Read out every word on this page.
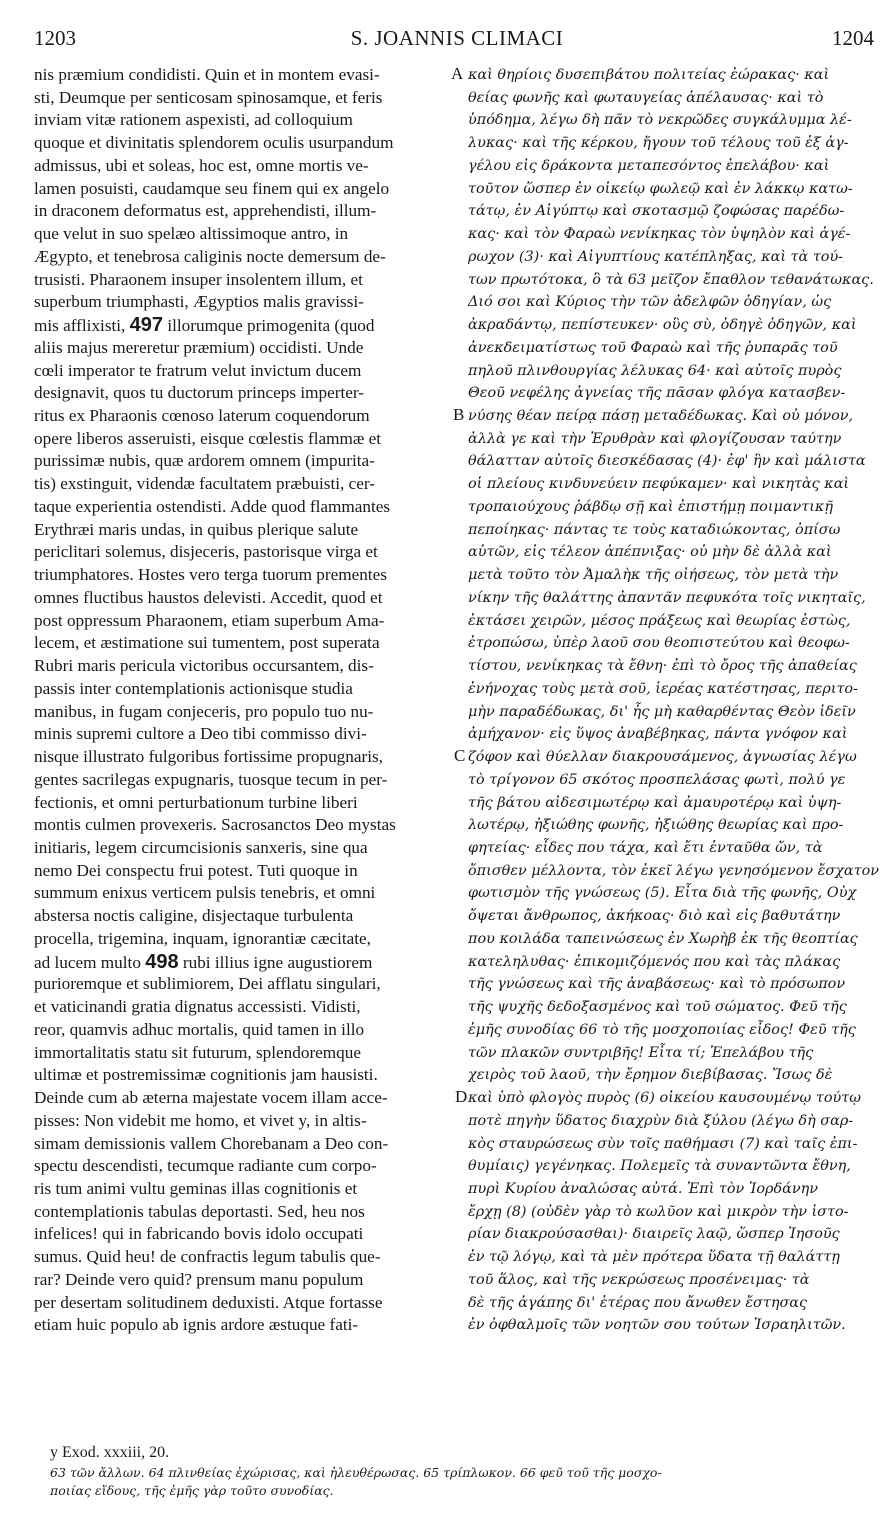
1203	S. JOANNIS CLIMACI	1204
nis præmium condidisti. Quin et in montem evasi-
sti, Deumque per senticosam spinosamque, et feris
inviam vitæ rationem aspexisti, ad colloquium
quoque et divinitatis splendorem oculis usurpandum
admissus, ubi et soleas, hoc est, omne mortis ve-
lamen posuisti, caudamque seu finem qui ex angelo
in draconem deformatus est, apprehendisti, illum-
que velut in suo spelæo altissimoque antro, in
Ægypto, et tenebrosa caliginis nocte demersum de-
trusisti. Pharaonem insuper insolentem illum, et
superbum triumphasti, Ægyptios malis gravissi-
mis afflixisti, 497 illorumque primogenita (quod
aliis majus mereretur præmium) occidisti. Unde
cœli imperator te fratrum velut invictum ducem
designavit, quos tu ductorum princeps imperter-
ritus ex Pharaonis cœnoso laterum coquendorum
opere liberos asseruisti, eisque cœlestis flammæ et
purissimæ nubis, quæ ardorem omnem (impurita-
tis) exstinguit, videndæ facultatem præbuisti, cer-
taque experientia ostendisti. Adde quod flammantes
Erythræi maris undas, in quibus plerique salute
periclitari solemus, disjeceris, pastorisque virga et
triumphatores. Hostes vero terga tuorum prementes
omnes fluctibus haustos delevisti. Accedit, quod et
post oppressum Pharaonem, etiam superbum Ama-
lecem, et æstimatione sui tumentem, post superata
Rubri maris pericula victoribus occursantem, dis-
passis inter contemplationis actionisque studia
manibus, in fugam conjeceris, pro populo tuo nu-
minis supremi cultore a Deo tibi commisso divi-
nisque illustrato fulgoribus fortissime propugnaris,
gentes sacrilegas expugnaris, tuosque tecum in per-
fectionis, et omni perturbationum turbine liberi
montis culmen provexeris. Sacrosanctos Deo mystas
initiaris, legem circumcisionis sanxeris, sine qua
nemo Dei conspectu frui potest. Tuti quoque in
summum enixus verticem pulsis tenebris, et omni
abstersa noctis caligine, disjectaque turbulenta
procella, trigemina, inquam, ignorantiæ cæcitate,
ad lucem multo 498 rubi illius igne augustiorem
purioremque et sublimiorem, Dei afflatu singulari,
et vaticinandi gratia dignatus accessisti. Vidisti,
reor, quamvis adhuc mortalis, quid tamen in illo
immortalitatis statu sit futurum, splendoremque
ultimæ et postremissimæ cognitionis jam hausisti.
Deinde cum ab æterna majestate vocem illam acce-
pisses: Non videbit me homo, et vivet y, in altis-
simam demissionis vallem Chorebanam a Deo con-
spectu descendisti, tecumque radiante cum corpo-
ris tum animi vultu geminas illas cognitionis et
contemplationis tabulas deportasti. Sed, heu nos
infelices! qui in fabricando bovis idolo occupati
sumus. Quid heu! de confractis legum tabulis que-
rar? Deinde vero quid? prensum manu populum
per desertam solitudinem deduxisti. Atque fortasse
etiam huic populo ab ignis ardore æstuque fati-
καὶ θηρίοις δυσεπιβάτου πολιτείας ἑώρακας· καὶ
θείας φωνῆς καὶ φωταυγείας ἀπέλαυσας· καὶ τὸ
ὑπόδημα, λέγω δὴ πᾶν τὸ νεκρῶδες συγκάλυμμα λέ-
λυκας· καὶ τῆς κέρκου, ἤγουν τοῦ τέλους τοῦ ἐξ ἀγ-
γέλου εἰς δράκοντα μεταπεσόντος ἐπελάβου· καὶ
τοῦτον ὥσπερ ἐν οἰκείῳ φωλεῷ καὶ ἐν λάκκῳ κατω-
τάτῳ, ἐν Αἰγύπτῳ καὶ σκοτασμῷ ζοφώσας παρέδω-
κας· καὶ τὸν Φαραὼ νενίκηκας τὸν ὑψηλὸν καὶ ἀγέ-
ρωχον (3)· καὶ Αἰγυπτίους κατέπληξας, καὶ τὰ τού-
των πρωτότοκα, ὃ τὰ 63 μεῖζον ἔπαθλον τεθανάτωκας.
Διό σοι καὶ Κύριος τὴν τῶν ἀδελφῶν ὁδηγίαν, ὡς
ἀκραδάντῳ, πεπίστευκεν· οὓς σὺ, ὁδηγὲ ὁδηγῶν, καὶ
ἀνεκδειματίστως τοῦ Φαραὼ καὶ τῆς ῥυπαρᾶς τοῦ
πηλοῦ πλινθουργίας λέλυκας 64· καὶ αὐτοῖς πυρὸς
Θεοῦ νεφέλης ἁγνείας τῆς πᾶσαν φλόγα κατασβεν-
νύσης θέαν πείρᾳ πάσῃ μεταδέδωκας. Καὶ οὐ μόνον,
ἀλλὰ γε καὶ τὴν Ἐρυθρὰν καὶ φλογίζουσαν ταύτην
θάλατταν αὐτοῖς διεσκέδασας (4)· ἐφ' ἣν καὶ μάλιστα
οἱ πλείους κινδυνεύειν πεφύκαμεν· καὶ νικητὰς καὶ
τροπαιούχους ῥάβδῳ σῇ καὶ ἐπιστήμῃ ποιμαντικῇ
πεποίηκας· πάντας τε τοὺς καταδιώκοντας, ὀπίσω
αὐτῶν, εἰς τέλεον ἀπέπνιξας· οὐ μὴν δὲ ἀλλὰ καὶ
μετὰ τοῦτο τὸν Ἀμαλὴκ τῆς οἰήσεως, τὸν μετὰ τὴν
νίκην τῆς θαλάττης ἀπαντᾶν πεφυκότα τοῖς νικηταῖς,
ἐκτάσει χειρῶν, μέσος πράξεως καὶ θεωρίας ἑστὼς,
ἐτροπώσω, ὑπὲρ λαοῦ σου θεοπιστεύτου καὶ θεοφω-
τίστου, νενίκηκας τὰ ἔθνη· ἐπὶ τὸ ὄρος τῆς ἀπαθείας
ἐνήνοχας τοὺς μετὰ σοῦ, ἱερέας κατέστησας, περιτο-
μὴν παραδέδωκας, δι' ἧς μὴ καθαρθέντας Θεὸν ἰδεῖν
ἀμήχανον· εἰς ὕψος ἀναβέβηκας, πάντα γνόφον καὶ
ζόφον καὶ θύελλαν διακρουσάμενος, ἀγνωσίας λέγω
τὸ τρίγονον 65 σκότος προσπελάσας φωτὶ, πολύ γε
τῆς βάτου αἰδεσιμωτέρῳ καὶ ἀμαυροτέρῳ καὶ ὑψη-
λωτέρῳ, ἠξιώθης φωνῆς, ἠξιώθης θεωρίας καὶ προ-
φητείας· εἶδες που τάχα, καὶ ἔτι ἐνταῦθα ὤν, τὰ
ὄπισθεν μέλλοντα, τὸν ἐκεῖ λέγω γενησόμενον ἔσχατον
φωτισμὸν τῆς γνώσεως (5). Εἶτα διὰ τῆς φωνῆς, Οὐχ
ὄψεται ἄνθρωπος, ἀκήκοας· διὸ καὶ εἰς βαθυτάτην
που κοιλάδα ταπεινώσεως ἐν Χωρὴβ ἐκ τῆς θεοπτίας
κατεληλυθας· ἐπικομιζόμενός που καὶ τὰς πλάκας
τῆς γνώσεως καὶ τῆς ἀναβάσεως· καὶ τὸ πρόσωπον
τῆς ψυχῆς δεδοξασμένος καὶ τοῦ σώματος. Φεῦ τῆς
ἐμῆς συνοδίας 66 τὸ τῆς μοσχοποιίας εἶδος! Φεῦ τῆς
τῶν πλακῶν συντριβῆς! Εἶτα τί; Ἐπελάβου τῆς
χειρὸς τοῦ λαοῦ, τὴν ἔρημον διεβίβασας. Ἴσως δὲ
καὶ ὑπὸ φλογὸς πυρὸς (6) οἰκείου καυσουμένῳ τούτῳ
ποτὲ πηγὴν ὕδατος διαχρὺν διὰ ξύλου (λέγω δὴ σαρ-
κὸς σταυρώσεως σὺν τοῖς παθήμασι (7) καὶ ταῖς ἐπι-
θυμίαις) γεγένηκας. Πολεμεῖς τὰ συναντῶντα ἔθνη,
πυρὶ Κυρίου ἀναλώσας αὐτά. Ἐπὶ τὸν Ἰορδάνην
ἔρχῃ (8) (οὐδὲν γὰρ τὸ κωλῦον καὶ μικρὸν τὴν ἱστο-
ρίαν διακρούσασθαι)· διαιρεῖς λαῷ, ὥσπερ Ἰησοῦς
ἐν τῷ λόγῳ, καὶ τὰ μὲν πρότερα ὕδατα τῇ θαλάττῃ
τοῦ ἅλος, καὶ τῆς νεκρώσεως προσένειμας· τὰ
δὲ τῆς ἀγάπης δι' ἑτέρας που ἄνωθεν ἔστησας
ἐν ὀφθαλμοῖς τῶν νοητῶν σου τούτων Ἰσραηλιτῶν.
A
B
C
D
y Exod. xxxiii, 20.
63 τῶν ἄλλων. 64 πλινθείας ἐχώρισας, καὶ ἠλευθέρωσας. 65 τρίπλωκον. 66 φεῦ τοῦ τῆς μοσχο-
ποιίας εἴδους, τῆς ἐμῆς γὰρ τοῦτο συνοδίας.
